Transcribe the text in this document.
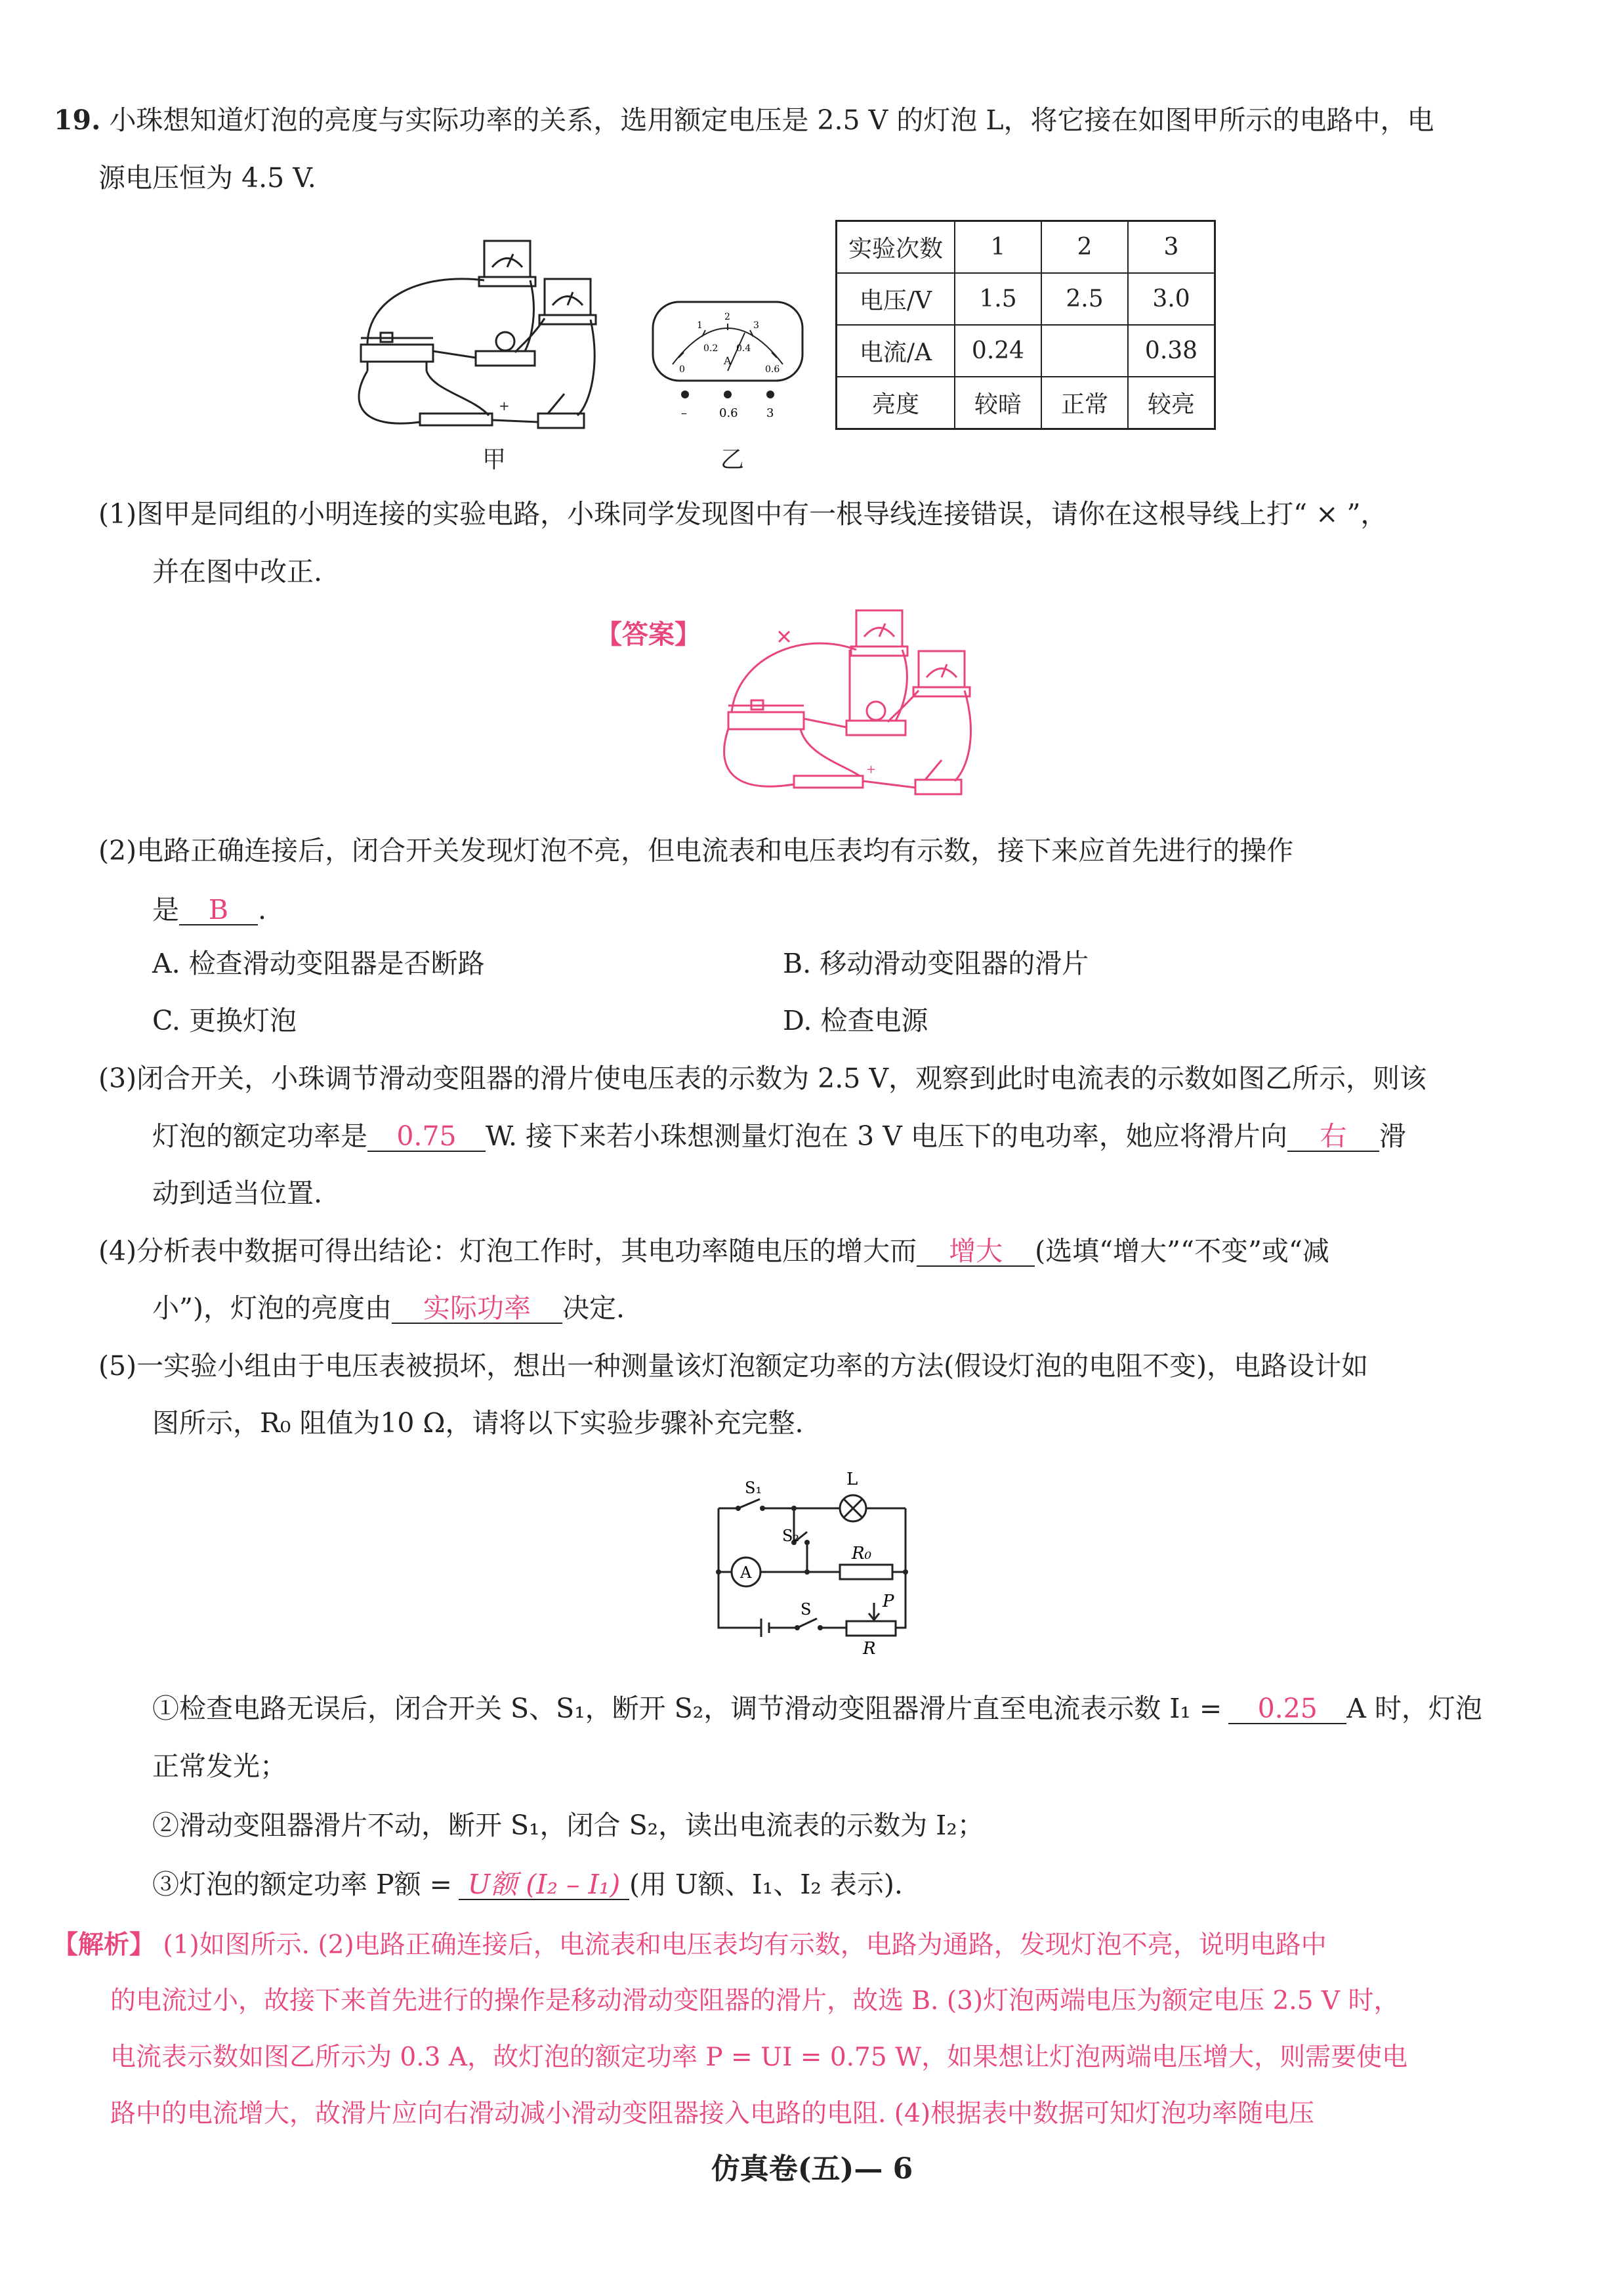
19. 小珠想知道灯泡的亮度与实际功率的关系，选用额定电压是 2.5 V 的灯泡 L，将它接在如图甲所示的电路中，电
源电压恒为 4.5 V.
+
甲
0
0.2 0.4
0.6
1
2
3
A
–	0.6 3
乙
实验次数	1	2	3
电压/V	1.5	2.5	3.0
电流/A	0.24		0.38
亮度	较暗	正常	较亮
(1)图甲是同组的小明连接的实验电路，小珠同学发现图中有一根导线连接错误，请你在这根导线上打“ × ”，
并在图中改正.
【答案】
+
(2)电路正确连接后，闭合开关发现灯泡不亮，但电流表和电压表均有示数，接下来应首先进行的操作
是 B .
A. 检查滑动变阻器是否断路	B. 移动滑动变阻器的滑片
C. 更换灯泡	D. 检查电源
(3)闭合开关，小珠调节滑动变阻器的滑片使电压表的示数为 2.5 V，观察到此时电流表的示数如图乙所示，则该
灯泡的额定功率是 0.75 W. 接下来若小珠想测量灯泡在 3 V 电压下的电功率，她应将滑片向 右 滑
动到适当位置.
(4)分析表中数据可得出结论：灯泡工作时，其电功率随电压的增大而 增大 (选填“增大”“不变”或“减
小”)，灯泡的亮度由 实际功率 决定.
(5)一实验小组由于电压表被损坏，想出一种测量该灯泡额定功率的方法(假设灯泡的电阻不变)，电路设计如
图所示，R₀ 阻值为10 Ω，请将以下实验步骤补充完整.
S₁	L
S₂
R₀
A
S	P
R
①检查电路无误后，闭合开关 S、S₁，断开 S₂，调节滑动变阻器滑片直至电流表示数 I₁ = 0.25 A 时，灯泡
正常发光；
②滑动变阻器滑片不动，断开 S₁，闭合 S₂，读出电流表的示数为 I₂；
③灯泡的额定功率 P额 = U额 (I₂ – I₁) (用 U额、I₁、I₂ 表示).
【解析】 (1)如图所示. (2)电路正确连接后，电流表和电压表均有示数，电路为通路，发现灯泡不亮，说明电路中
的电流过小，故接下来首先进行的操作是移动滑动变阻器的滑片，故选 B. (3)灯泡两端电压为额定电压 2.5 V 时，
电流表示数如图乙所示为 0.3 A，故灯泡的额定功率 P = UI = 0.75 W，如果想让灯泡两端电压增大，则需要使电
路中的电流增大，故滑片应向右滑动减小滑动变阻器接入电路的电阻. (4)根据表中数据可知灯泡功率随电压
仿真卷(五)— 6
